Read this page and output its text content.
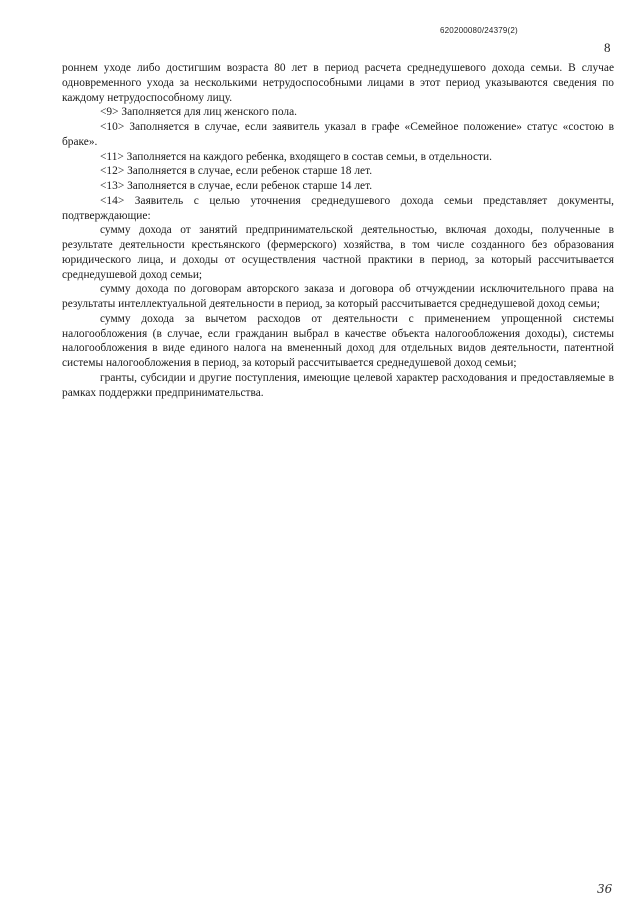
620200080/24379(2)
8

роннем уходе либо достигшим возраста 80 лет в период расчета среднедушевого дохода семьи. В случае одновременного ухода за несколькими нетрудоспособными лицами в этот период указываются сведения по каждому нетрудоспособному лицу.

<9> Заполняется для лиц женского пола.

<10> Заполняется в случае, если заявитель указал в графе «Семейное положение» статус «состою в браке».

<11> Заполняется на каждого ребенка, входящего в состав семьи, в отдельности.

<12> Заполняется в случае, если ребенок старше 18 лет.

<13> Заполняется в случае, если ребенок старше 14 лет.

<14> Заявитель с целью уточнения среднедушевого дохода семьи представляет документы, подтверждающие:

сумму дохода от занятий предпринимательской деятельностью, включая доходы, полученные в результате деятельности крестьянского (фермерского) хозяйства, в том числе созданного без образования юридического лица, и доходы от осуществления частной практики в период, за который рассчитывается среднедушевой доход семьи;

сумму дохода по договорам авторского заказа и договора об отчуждении исключительного права на результаты интеллектуальной деятельности в период, за который рассчитывается среднедушевой доход семьи;

сумму дохода за вычетом расходов от деятельности с применением упрощенной системы налогообложения (в случае, если гражданин выбрал в качестве объекта налогообложения доходы), системы налогообложения в виде единого налога на вмененный доход для отдельных видов деятельности, патентной системы налогообложения в период, за который рассчитывается среднедушевой доход семьи;

гранты, субсидии и другие поступления, имеющие целевой характер расходования и предоставляемые в рамках поддержки предпринимательства.

36
